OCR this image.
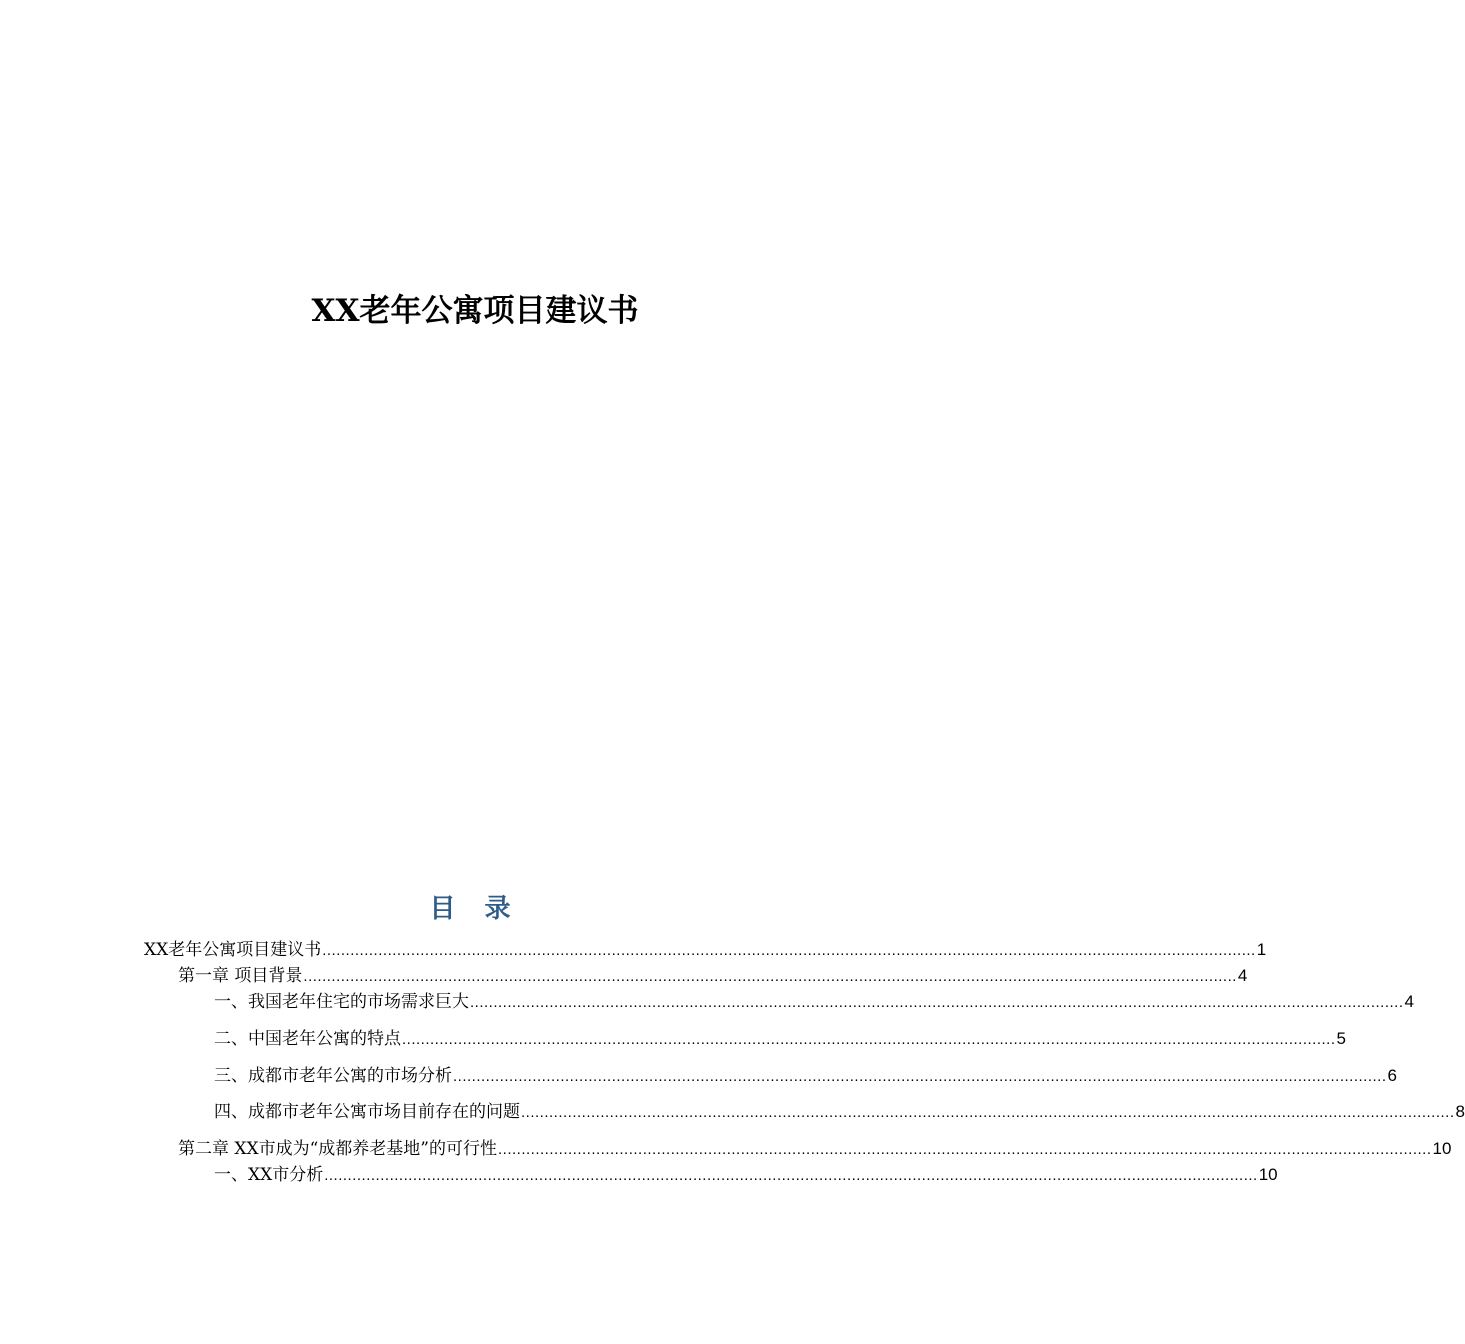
XX老年公寓项目建议书
目 录
XX老年公寓项目建议书 ........................................................................................................................................................................................................ 1
第一章 项目背景 ........................................................................................................................................................................................................ 4
一、我国老年住宅的市场需求巨大 ........................................................................................................................................................................................................ 4
二、中国老年公寓的特点 ........................................................................................................................................................................................................ 5
三、成都市老年公寓的市场分析 ........................................................................................................................................................................................................ 6
四、成都市老年公寓市场目前存在的问题 ........................................................................................................................................................................................................ 8
第二章 XX市成为“成都养老基地”的可行性 ........................................................................................................................................................................................................ 10
一、XX市分析 ........................................................................................................................................................................................................ 10
